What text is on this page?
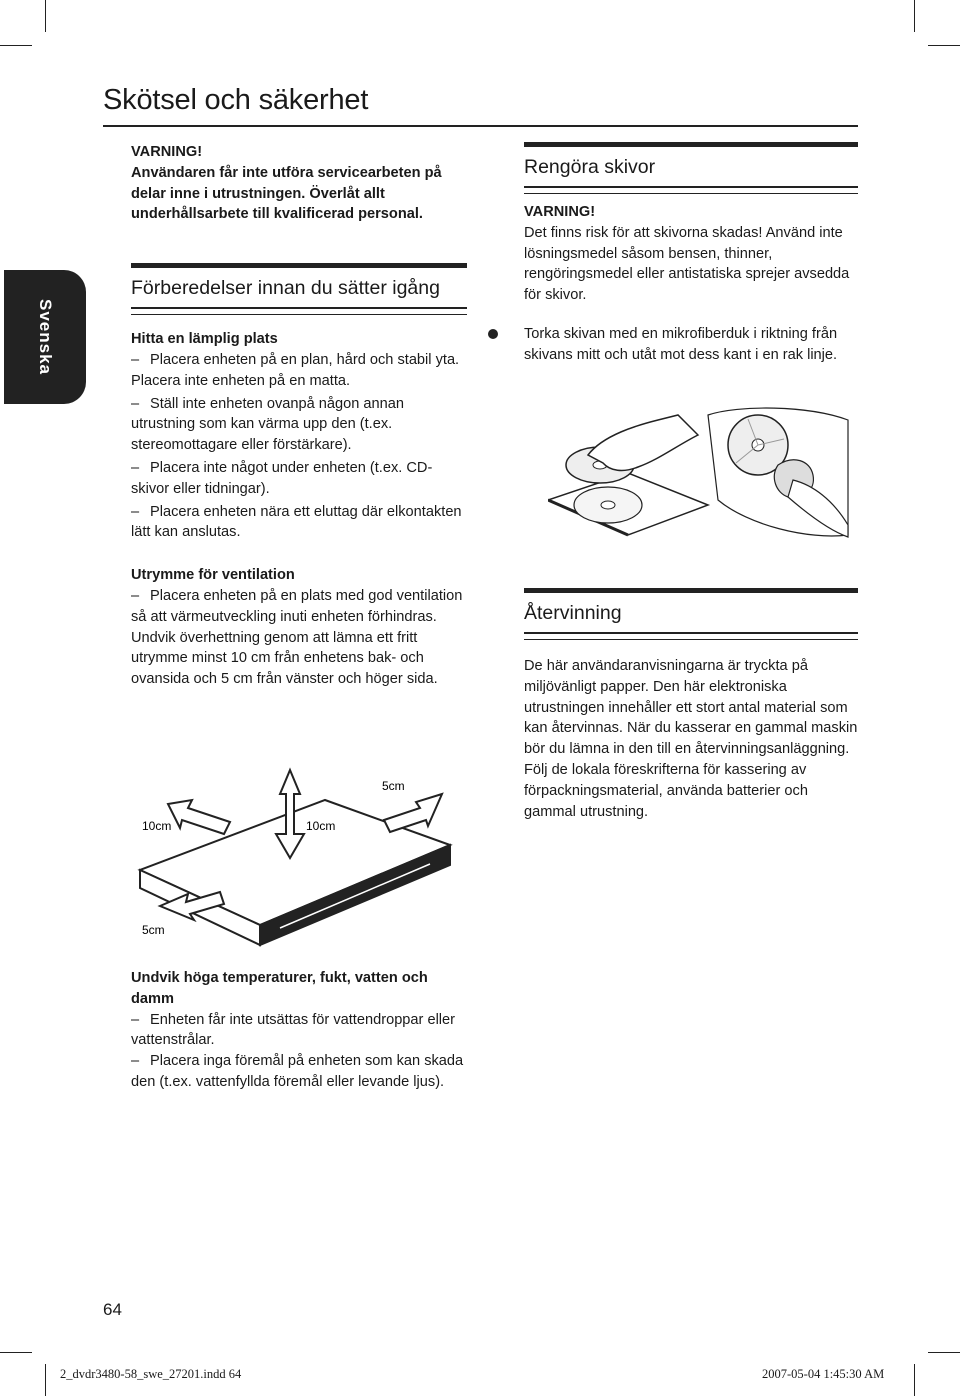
Skötsel och säkerhet
Svenska

VARNING!

Användaren får inte utföra servicearbeten på delar inne i utrustningen. Överlåt allt underhållsarbete till kvalificerad personal.

Förberedelser innan du sätter igång

Hitta en lämplig plats

– Placera enheten på en plan, hård och stabil yta. Placera inte enheten på en matta.

– Ställ inte enheten ovanpå någon annan utrustning som kan värma upp den (t.ex. stereomottagare eller förstärkare).

– Placera inte något under enheten (t.ex. CD-skivor eller tidningar).

– Placera enheten nära ett eluttag där elkontakten lätt kan anslutas.

Utrymme för ventilation

– Placera enheten på en plats med god ventilation så att värmeutveckling inuti enheten förhindras. Undvik överhettning genom att lämna ett fritt utrymme minst 10 cm från enhetens bak- och ovansida och 5 cm från vänster och höger sida.

10cm	10cm
5cm
5cm

Undvik höga temperaturer, fukt, vatten och damm

– Enheten får inte utsättas för vattendroppar eller vattenstrålar.

– Placera inga föremål på enheten som kan skada den (t.ex. vattenfyllda föremål eller levande ljus).

Rengöra skivor

VARNING!

Det finns risk för att skivorna skadas! Använd inte lösningsmedel såsom bensen, thinner, rengöringsmedel eller antistatiska sprejer avsedda för skivor.

Torka skivan med en mikrofiberduk i riktning från skivans mitt och utåt mot dess kant i en rak linje.

Återvinning

De här användaranvisningarna är tryckta på miljövänligt papper. Den här elektroniska utrustningen innehåller ett stort antal material som kan återvinnas. När du kasserar en gammal maskin bör du lämna in den till en återvinningsanläggning. Följ de lokala föreskrifterna för kassering av förpackningsmaterial, använda batterier och gammal utrustning.

64
2_dvdr3480-58_swe_27201.indd 64	2007-05-04 1:45:30 AM
